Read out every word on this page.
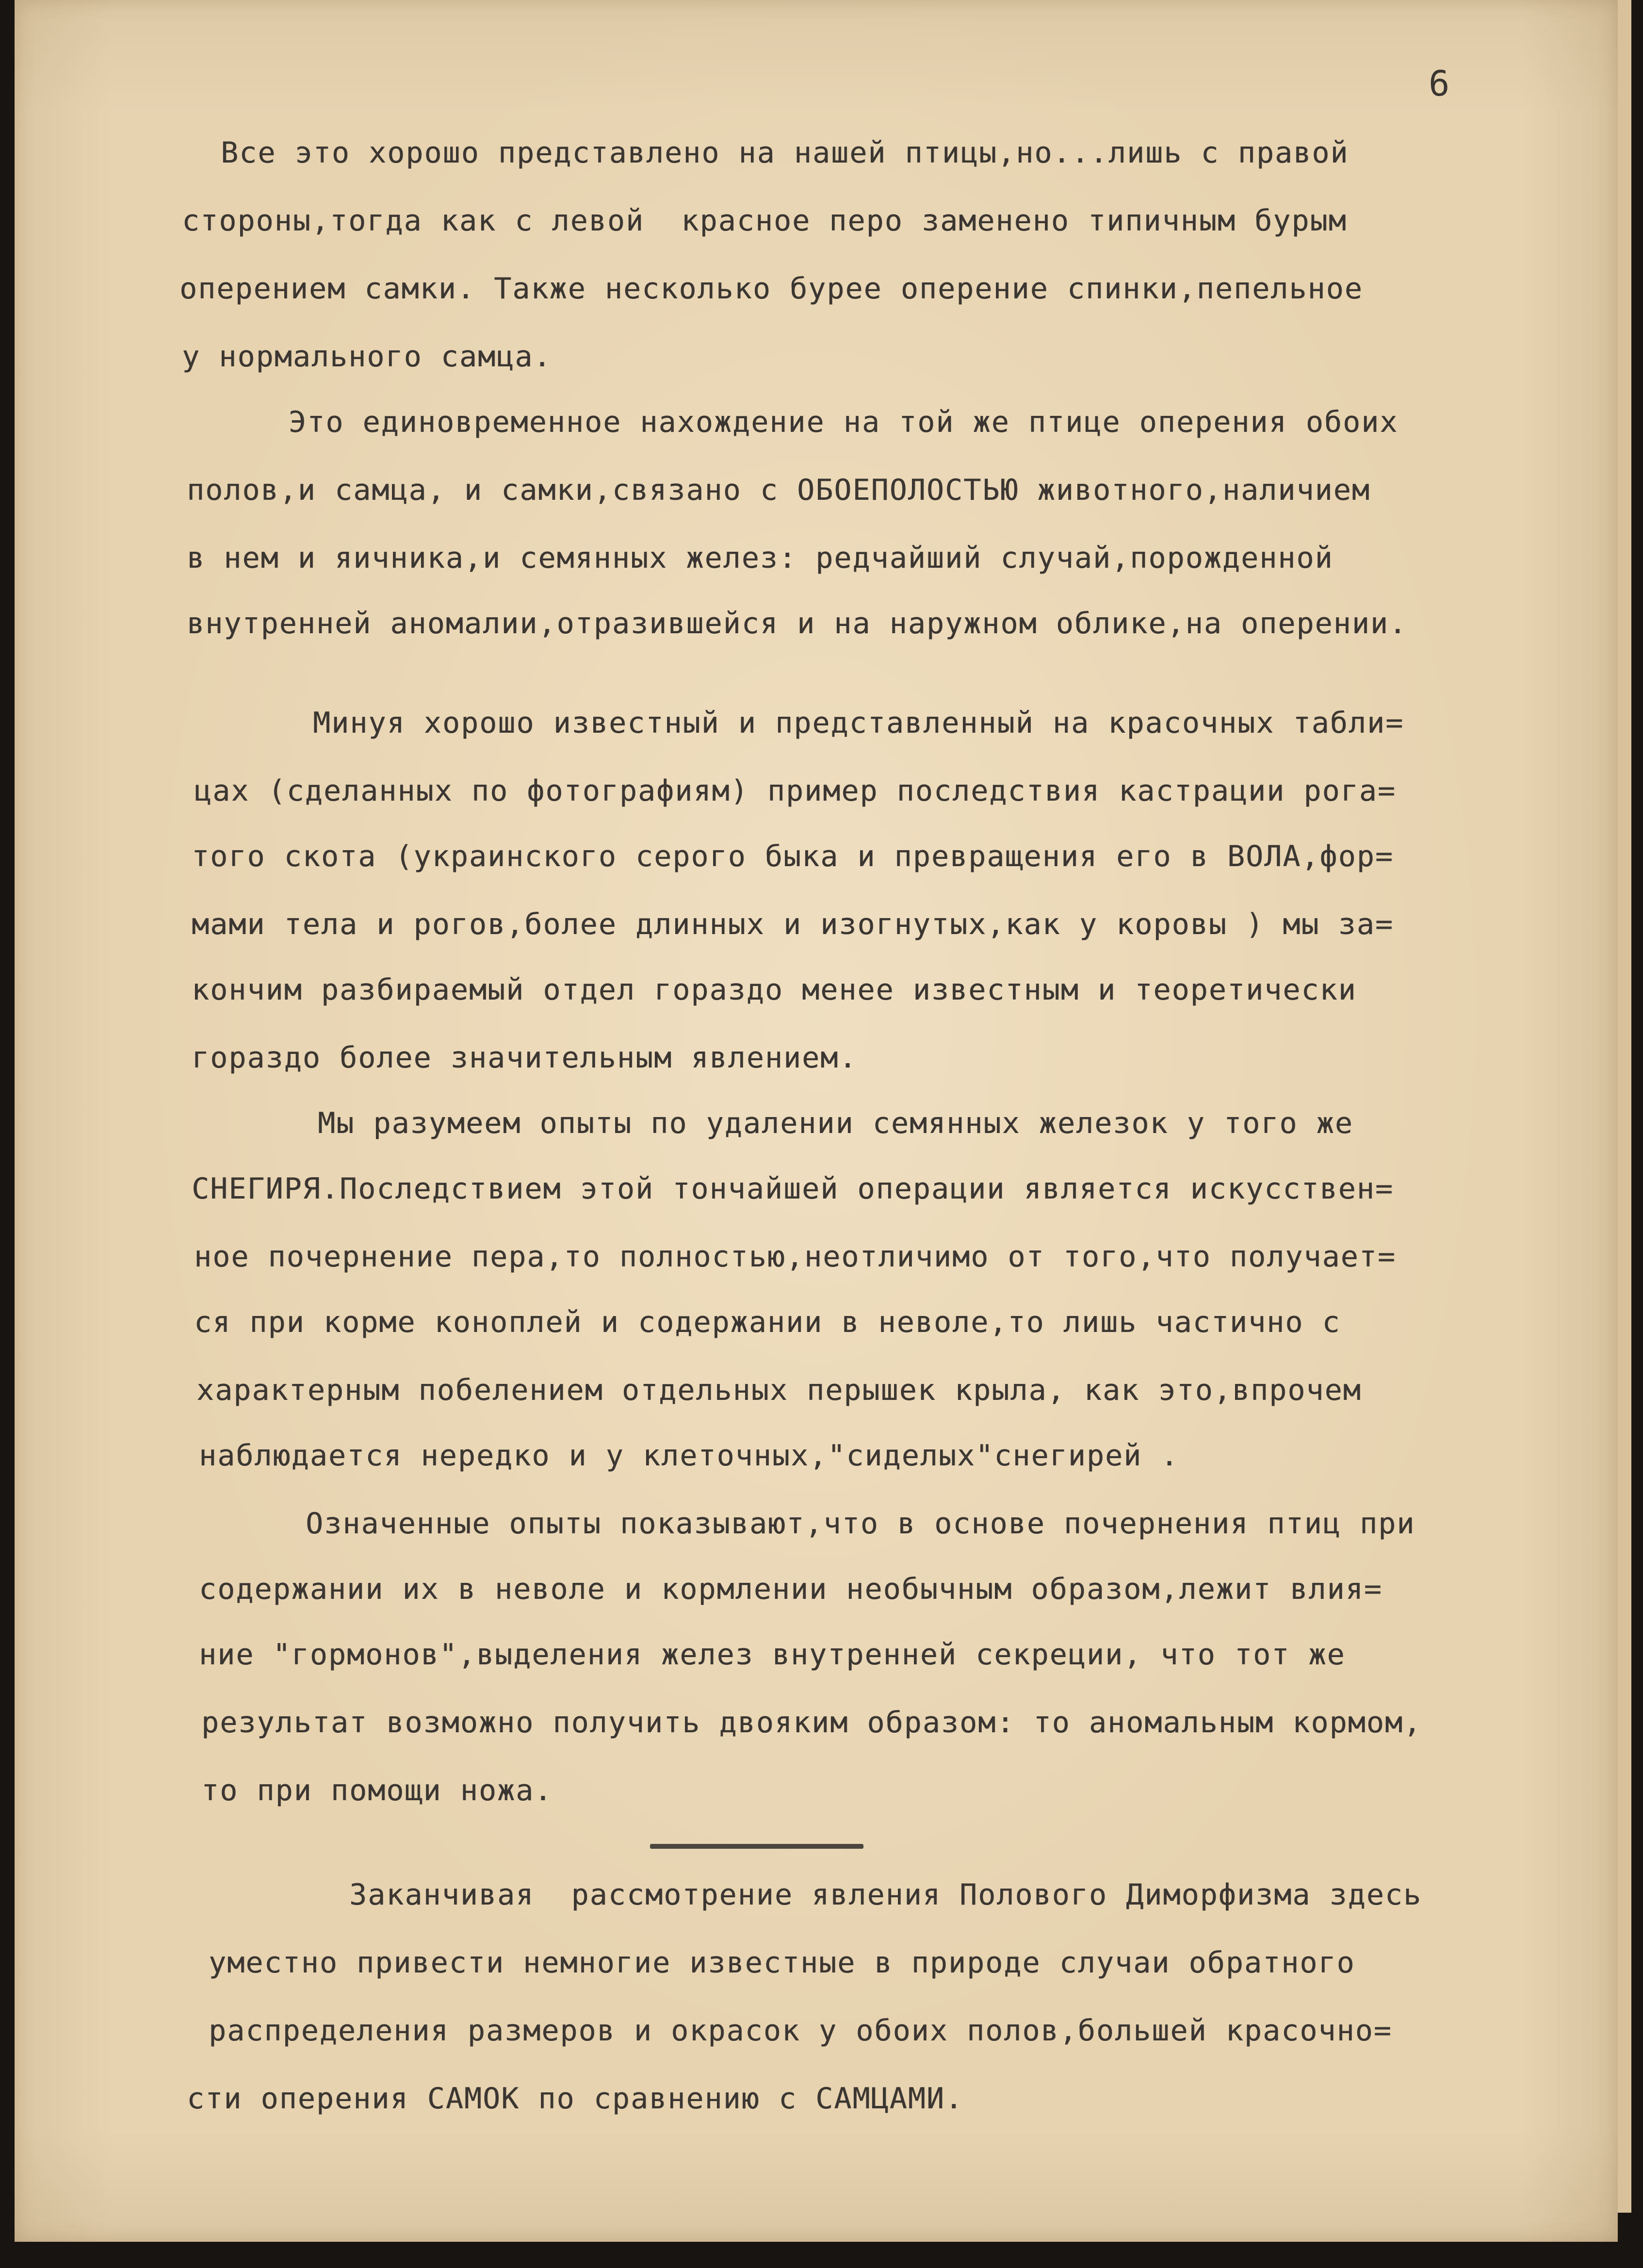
6
Все это хорошо представлено на нашей птицы,но...лишь с правой
стороны,тогда как с левой  красное перо заменено типичным бурым
оперением самки. Также несколько бурее оперение спинки,пепельное
у нормального самца.
Это единовременное нахождение на той же птице оперения обоих
полов,и самца, и самки,связано с ОБОЕПОЛОСТЬЮ животного,наличием
в нем и яичника,и семянных желез: редчайший случай,порожденной
внутренней аномалии,отразившейся и на наружном облике,на оперении.
Минуя хорошо известный и представленный на красочных табли=
цах (сделанных по фотографиям) пример последствия кастрации рога=
того скота (украинского серого быка и превращения его в ВОЛА,фор=
мами тела и рогов,более длинных и изогнутых,как у коровы ) мы за=
кончим разбираемый отдел гораздо менее известным и теоретически
гораздо более значительным явлением.
Мы разумеем опыты по удалении семянных железок у того же
СНЕГИРЯ.Последствием этой тончайшей операции является искусствен=
ное почернение пера,то полностью,неотличимо от того,что получает=
ся при корме коноплей и содержании в неволе,то лишь частично с
характерным побелением отдельных перышек крыла, как это,впрочем
наблюдается нередко и у клеточных,"сиделых"снегирей .
Означенные опыты показывают,что в основе почернения птиц при
содержании их в неволе и кормлении необычным образом,лежит влия=
ние "гормонов",выделения желез внутренней секреции, что тот же
результат возможно получить двояким образом: то аномальным кормом,
то при помощи ножа.
Заканчивая  рассмотрение явления Полового Диморфизма здесь
уместно привести немногие известные в природе случаи обратного
распределения размеров и окрасок у обоих полов,большей красочно=
сти оперения САМОК по сравнению с САМЦАМИ.
